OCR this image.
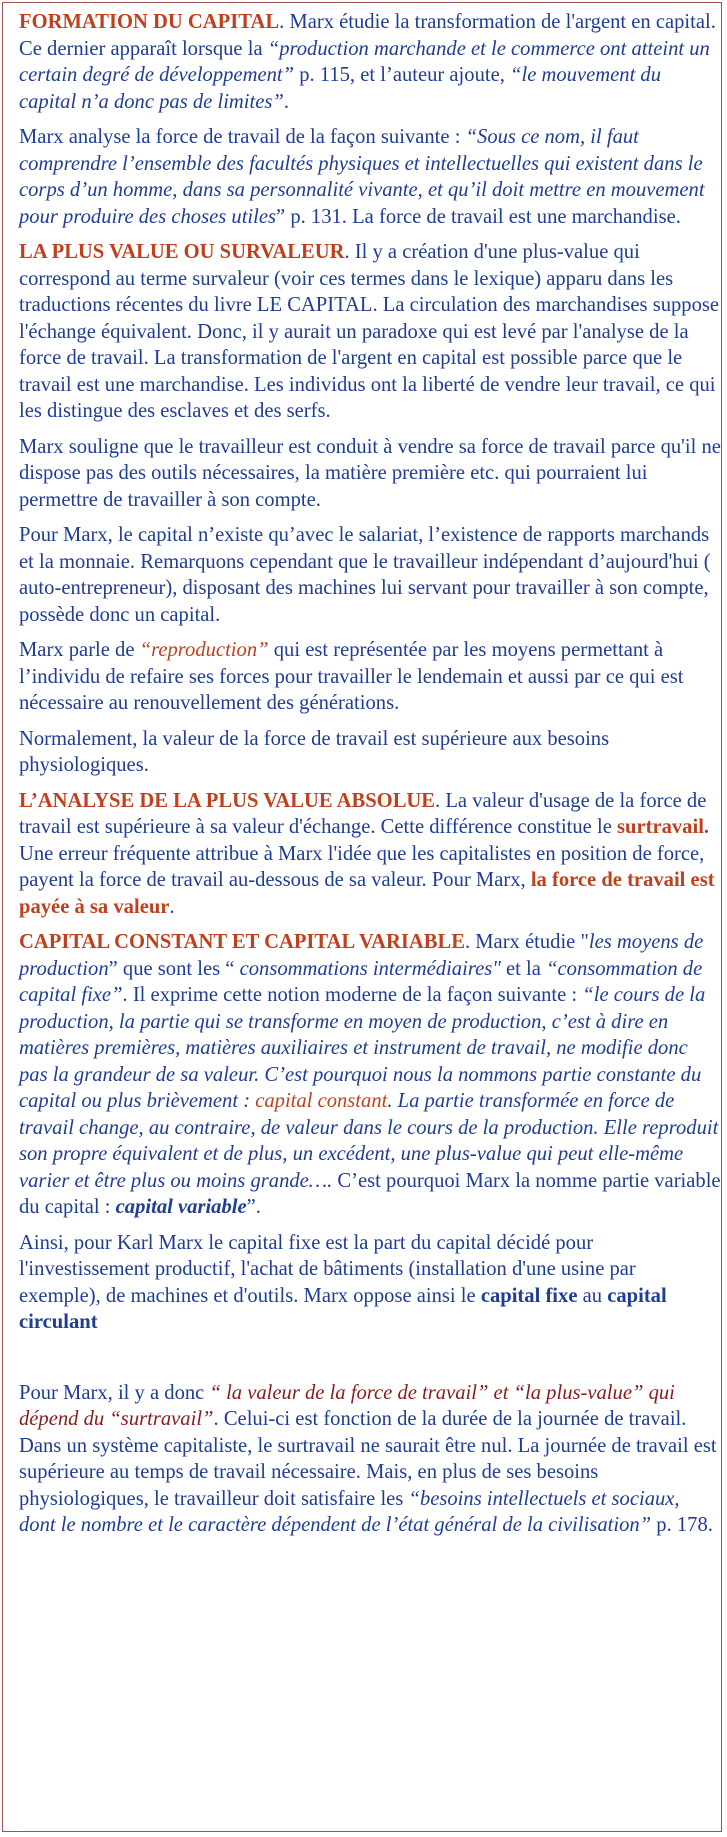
FORMATION DU CAPITAL. Marx étudie la transformation de l'argent en capital. Ce dernier apparaît lorsque la “production marchande et le commerce ont atteint un certain degré de développement” p. 115, et l’auteur ajoute, “le mouvement du capital n’a donc pas de limites”.

Marx analyse la force de travail de la façon suivante : “Sous ce nom, il faut comprendre l’ensemble des facultés physiques et intellectuelles qui existent dans le corps d’un homme, dans sa personnalité vivante, et qu’il doit mettre en mouvement pour produire des choses utiles” p. 131. La force de travail est une marchandise.

LA PLUS VALUE OU SURVALEUR. Il y a création d'une plus-value qui correspond au terme survaleur (voir ces termes dans le lexique) apparu dans les traductions récentes du livre LE CAPITAL. La circulation des marchandises suppose l'échange équivalent. Donc, il y aurait un paradoxe qui est levé par l'analyse de la force de travail. La transformation de l'argent en capital est possible parce que le travail est une marchandise. Les individus ont la liberté de vendre leur travail, ce qui les distingue des esclaves et des serfs.

Marx souligne que le travailleur est conduit à vendre sa force de travail parce qu'il ne dispose pas des outils nécessaires, la matière première etc. qui pourraient lui permettre de travailler à son compte.

Pour Marx, le capital n’existe qu’avec le salariat, l’existence de rapports marchands et la monnaie. Remarquons cependant que le travailleur indépendant d’aujourd'hui ( auto-entrepreneur), disposant des machines lui servant pour travailler à son compte, possède donc un capital.

Marx parle de “reproduction” qui est représentée par les moyens permettant à l’individu de refaire ses forces pour travailler le lendemain et aussi par ce qui est nécessaire au renouvellement des générations.

Normalement, la valeur de la force de travail est supérieure aux besoins physiologiques.

L’ANALYSE DE LA PLUS VALUE ABSOLUE. La valeur d'usage de la force de travail est supérieure à sa valeur d'échange. Cette différence constitue le surtravail. Une erreur fréquente attribue à Marx l'idée que les capitalistes en position de force, payent la force de travail au-dessous de sa valeur. Pour Marx, la force de travail est payée à sa valeur.

CAPITAL CONSTANT ET CAPITAL VARIABLE. Marx étudie "les moyens de production” que sont les “ consommations intermédiaires" et la “consommation de capital fixe”. Il exprime cette notion moderne de la façon suivante : “le cours de la production, la partie qui se transforme en moyen de production, c’est à dire en matières premières, matières auxiliaires et instrument de travail, ne modifie donc pas la grandeur de sa valeur. C’est pourquoi nous la nommons partie constante du capital ou plus brièvement : capital constant. La partie transformée en force de travail change, au contraire, de valeur dans le cours de la production. Elle reproduit son propre équivalent et de plus, un excédent, une plus-value qui peut elle-même varier et être plus ou moins grande…. C’est pourquoi Marx la nomme partie variable du capital : capital variable”.

Ainsi, pour Karl Marx le capital fixe est la part du capital décidé pour l'investissement productif, l'achat de bâtiments (installation d'une usine par exemple), de machines et d'outils. Marx oppose ainsi le capital fixe au capital circulant

Pour Marx, il y a donc “ la valeur de la force de travail” et “la plus-value” qui dépend du “surtravail”. Celui-ci est fonction de la durée de la journée de travail. Dans un système capitaliste, le surtravail ne saurait être nul. La journée de travail est supérieure au temps de travail nécessaire. Mais, en plus de ses besoins physiologiques, le travailleur doit satisfaire les “besoins intellectuels et sociaux, dont le nombre et le caractère dépendent de l’état général de la civilisation” p. 178.
